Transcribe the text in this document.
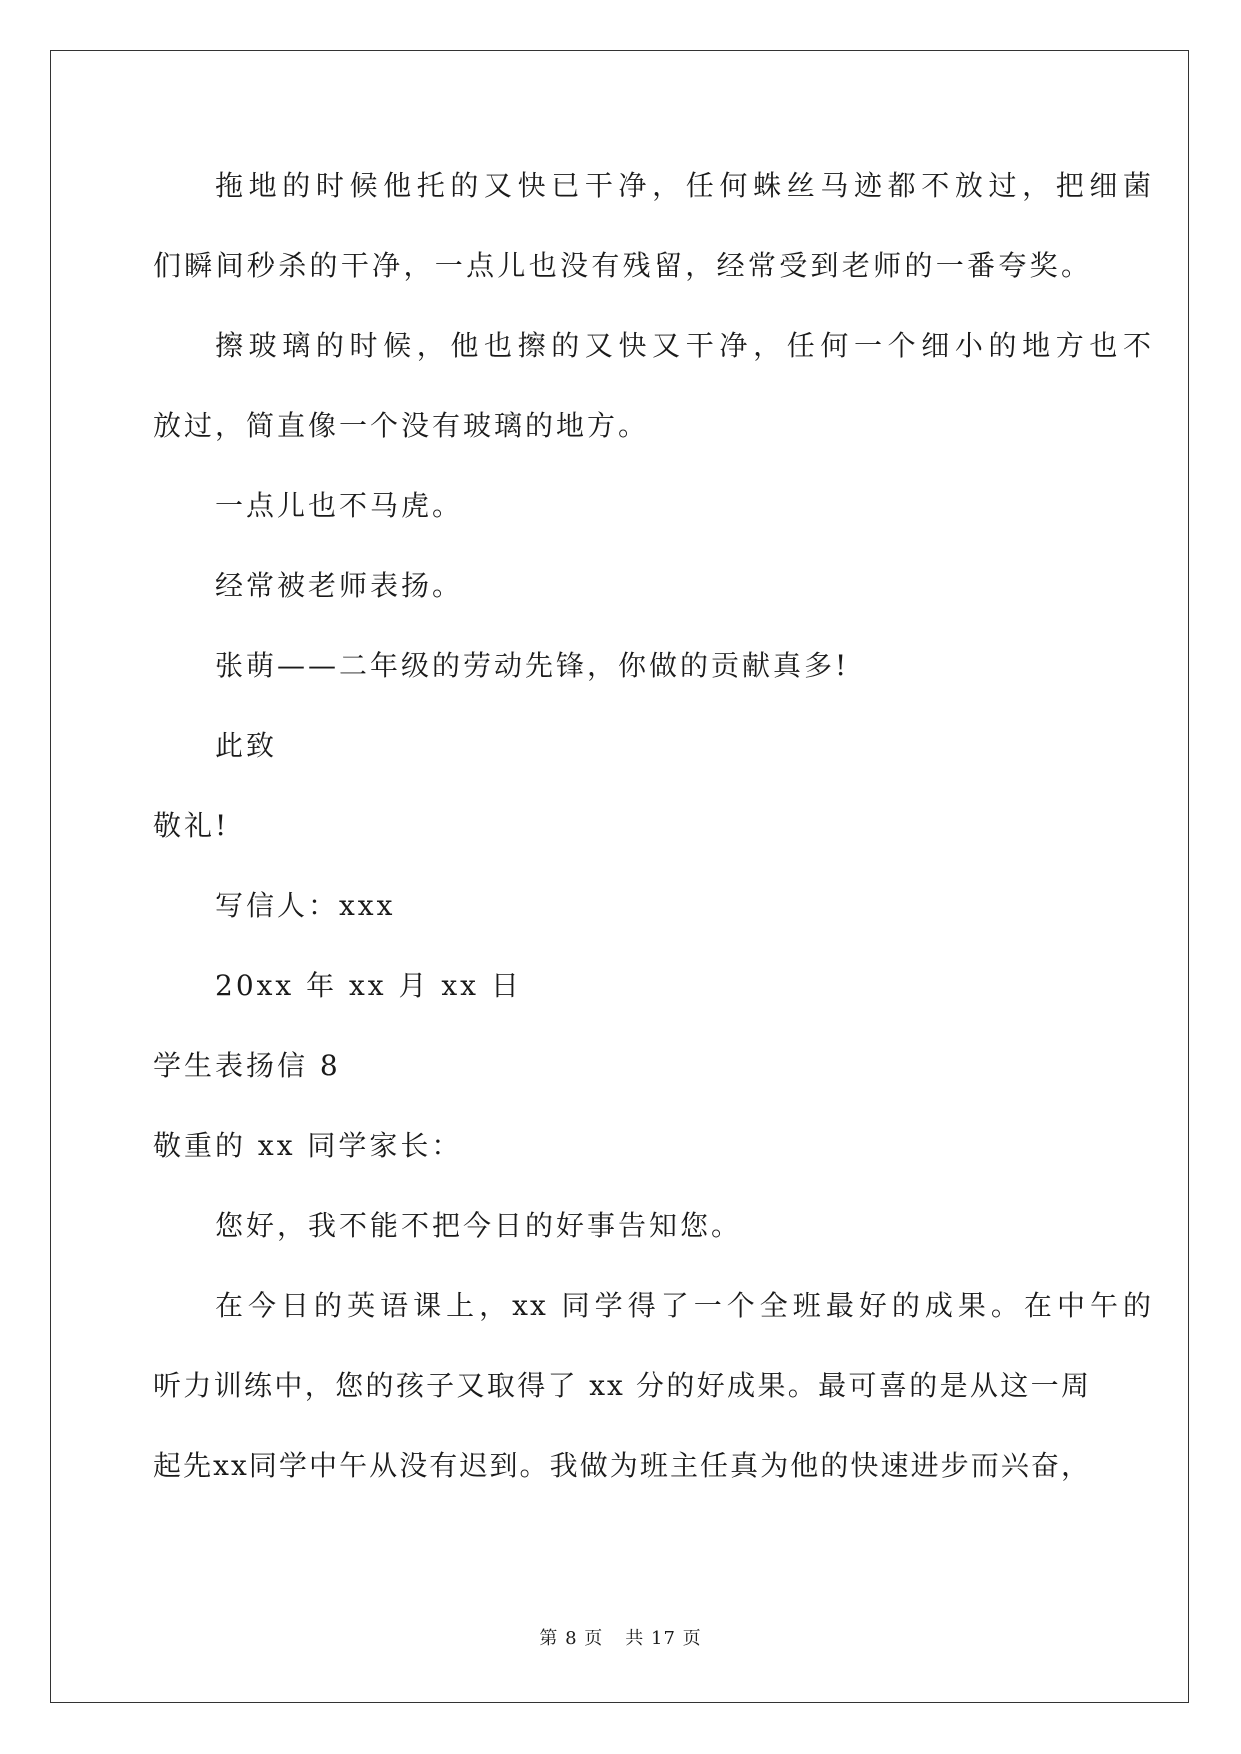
拖地的时候他托的又快已干净，任何蛛丝马迹都不放过，把细菌
们瞬间秒杀的干净，一点儿也没有残留，经常受到老师的一番夸奖。
擦玻璃的时候，他也擦的又快又干净，任何一个细小的地方也不
放过，简直像一个没有玻璃的地方。
一点儿也不马虎。
经常被老师表扬。
张萌——二年级的劳动先锋，你做的贡献真多!
此致
敬礼!
写信人：xxx
20xx 年 xx 月 xx 日
学生表扬信 8
敬重的 xx 同学家长：
您好，我不能不把今日的好事告知您。
在今日的英语课上，xx 同学得了一个全班最好的成果。在中午的
听力训练中，您的孩子又取得了 xx 分的好成果。最可喜的是从这一周
起先xx同学中午从没有迟到。我做为班主任真为他的快速进步而兴奋，
第 8 页 共 17 页
